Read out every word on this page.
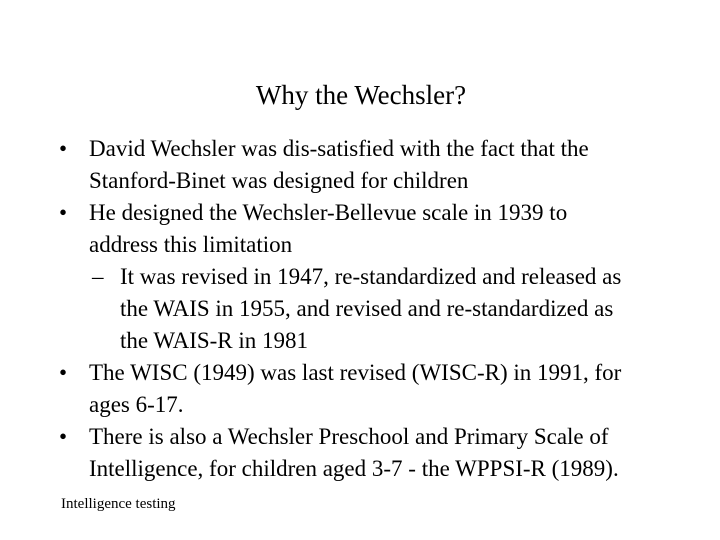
Why the Wechsler?
• David Wechsler was dis-satisfied with the fact that the
Stanford-Binet was designed for children
• He designed the Wechsler-Bellevue scale in 1939 to
address this limitation
– It was revised in 1947, re-standardized and released as
the WAIS in 1955, and revised and re-standardized as
the WAIS-R in 1981
• The WISC (1949) was last revised (WISC-R) in 1991, for
ages 6-17.
• There is also a Wechsler Preschool and Primary Scale of
Intelligence, for children aged 3-7 - the WPPSI-R (1989).
Intelligence testing
